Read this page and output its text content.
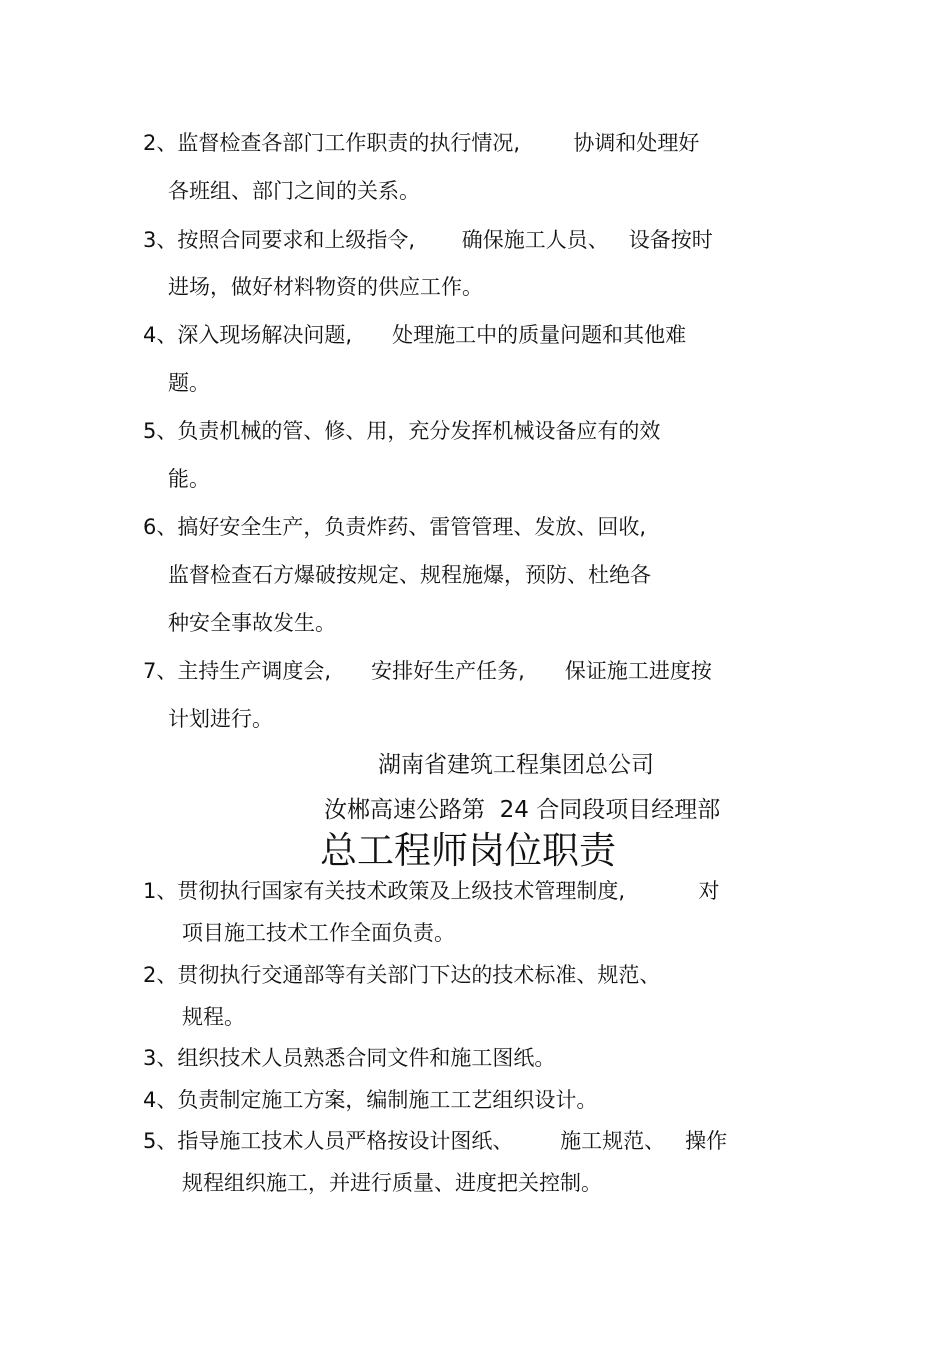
2、监督检查各部门工作职责的执行情况,        协调和处理好
各班组、部门之间的关系。
3、按照合同要求和上级指令,       确保施工人员、   设备按时
进场，做好材料物资的供应工作。
4、深入现场解决问题,      处理施工中的质量问题和其他难
题。
5、负责机械的管、修、用，充分发挥机械设备应有的效
能。
6、搞好安全生产，负责炸药、雷管管理、发放、回收,
监督检查石方爆破按规定、规程施爆，预防、杜绝各
种安全事故发生。
7、主持生产调度会,      安排好生产任务,      保证施工进度按
计划进行。
湖南省建筑工程集团总公司
汝郴高速公路第  24 合同段项目经理部
总工程师岗位职责
1、贯彻执行国家有关技术政策及上级技术管理制度,           对
项目施工技术工作全面负责。
2、贯彻执行交通部等有关部门下达的技术标准、规范、
规程。
3、组织技术人员熟悉合同文件和施工图纸。
4、负责制定施工方案，编制施工工艺组织设计。
5、指导施工技术人员严格按设计图纸、       施工规范、   操作
规程组织施工，并进行质量、进度把关控制。
